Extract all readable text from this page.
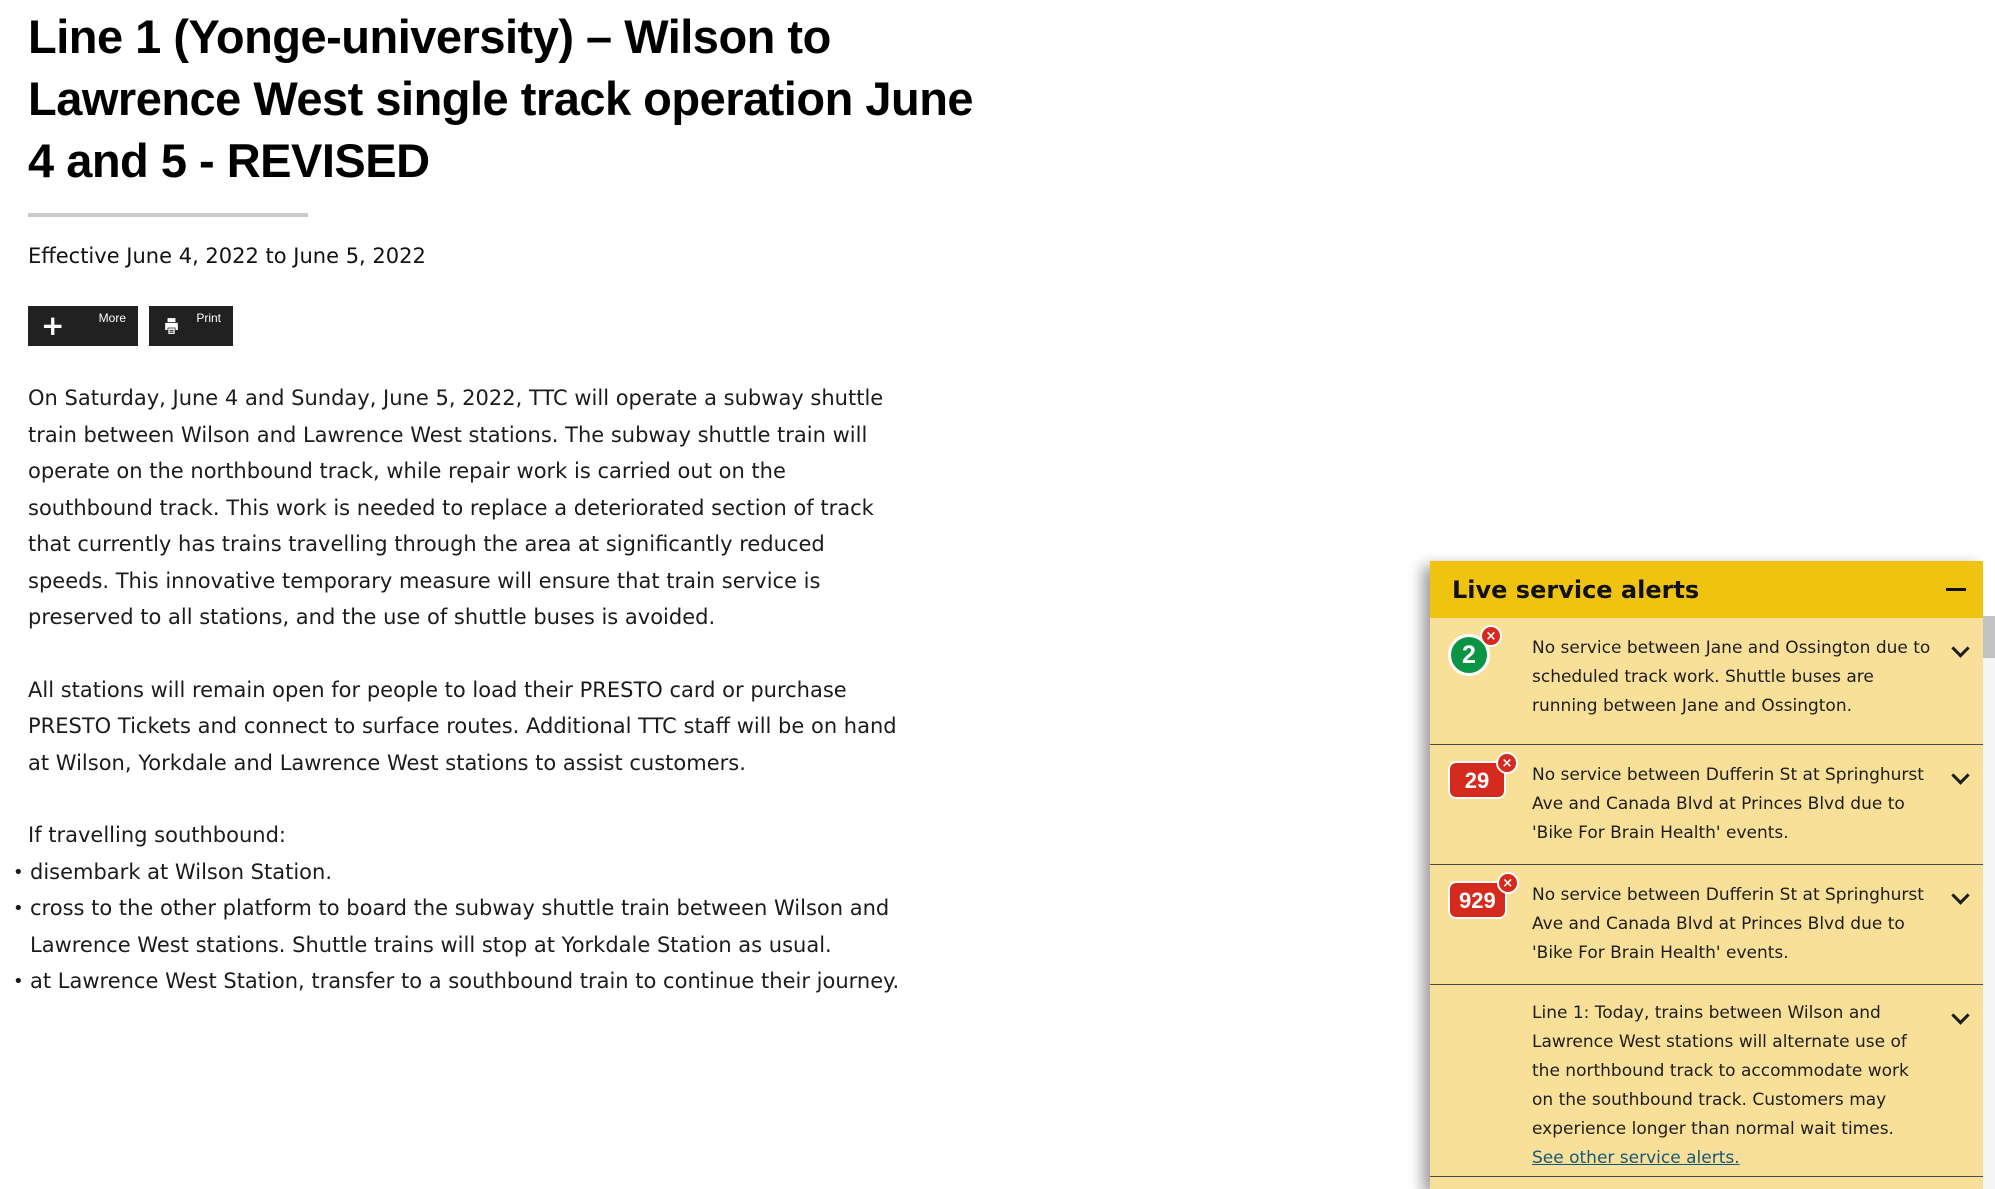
Line 1 (Yonge-university) – Wilson to
Lawrence West single track operation June
4 and 5 - REVISED

Effective June 4, 2022 to June 5, 2022

+
More	Print

On Saturday, June 4 and Sunday, June 5, 2022, TTC will operate a subway shuttle train between Wilson and Lawrence West stations. The subway shuttle train will operate on the northbound track, while repair work is carried out on the southbound track. This work is needed to replace a deteriorated section of track that currently has trains travelling through the area at significantly reduced speeds. This innovative temporary measure will ensure that train service is preserved to all stations, and the use of shuttle buses is avoided.

All stations will remain open for people to load their PRESTO card or purchase PRESTO Tickets and connect to surface routes. Additional TTC staff will be on hand at Wilson, Yorkdale and Lawrence West stations to assist customers.

If travelling southbound:

• disembark at Wilson Station.
• cross to the other platform to board the subway shuttle train between Wilson and Lawrence West stations. Shuttle trains will stop at Yorkdale Station as usual.
• at Lawrence West Station, transfer to a southbound train to continue their journey.
Live service alerts
2
×	No service between Jane and Ossington due to scheduled track work. Shuttle buses are running between Jane and Ossington.
29
×	No service between Dufferin St at Springhurst Ave and Canada Blvd at Princes Blvd due to 'Bike For Brain Health' events.
929
×	No service between Dufferin St at Springhurst Ave and Canada Blvd at Princes Blvd due to 'Bike For Brain Health' events.
Line 1: Today, trains between Wilson and Lawrence West stations will alternate use of the northbound track to accommodate work on the southbound track. Customers may experience longer than normal wait times.
See other service alerts.
